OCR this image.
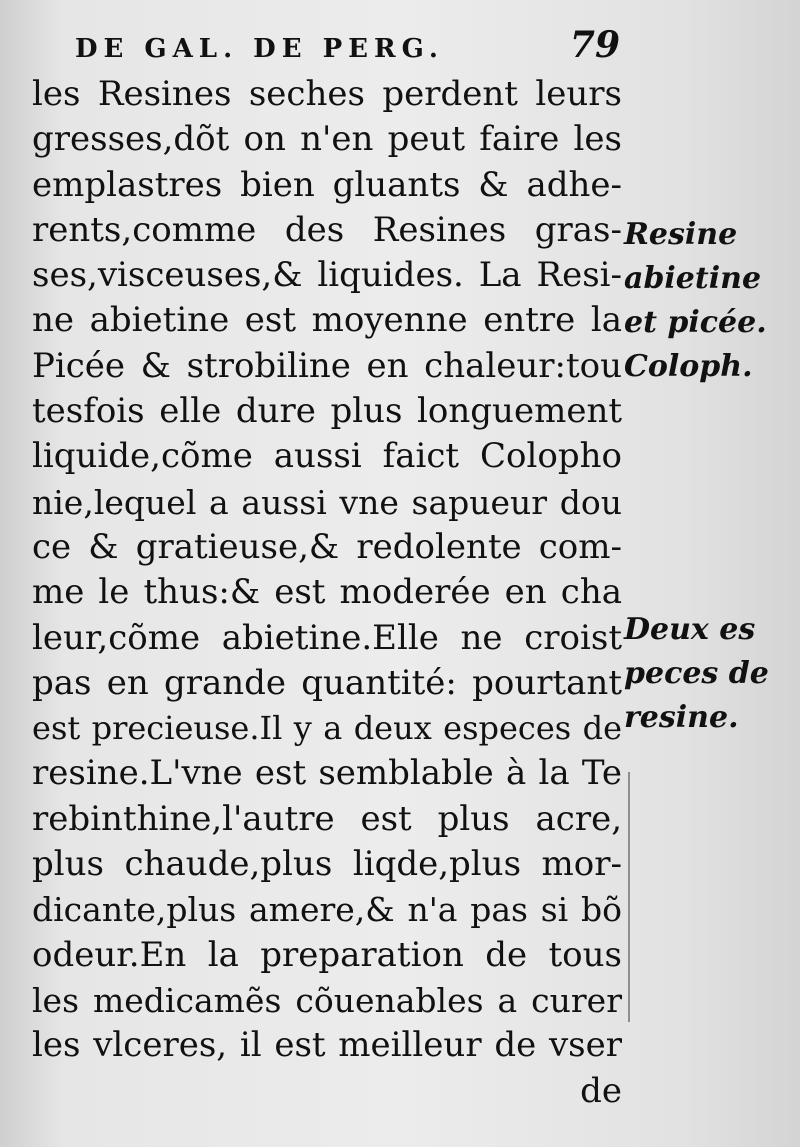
DE GAL. DE PERG.	79
les Resines seches perdent leurs
gresses,dõt on n'en peut faire les
emplastres bien gluants & adhe-
rents,comme des Resines gras-
ses,visceuses,& liquides. La Resi-
ne abietine est moyenne entre la
Picée & strobiline en chaleur:tou
tesfois elle dure plus longuement
liquide,cõme aussi faict Colopho
nie,lequel a aussi vne sapueur dou
ce & gratieuse,& redolente com-
me le thus:& est moderée en cha
leur,cõme abietine.Elle ne croist
pas en grande quantité: pourtant
est precieuse.Il y a deux especes de
resine.L'vne est semblable à la Te
rebinthine,l'autre est plus acre,
plus chaude,plus liqde,plus mor-
dicante,plus amere,& n'a pas si bõ
odeur.En la preparation de tous
les medicamẽs cõuenables a curer
les vlceres, il est meilleur de vser
de
Resine
abietine
et picée.
Coloph.
Deux es
peces de
resine.
